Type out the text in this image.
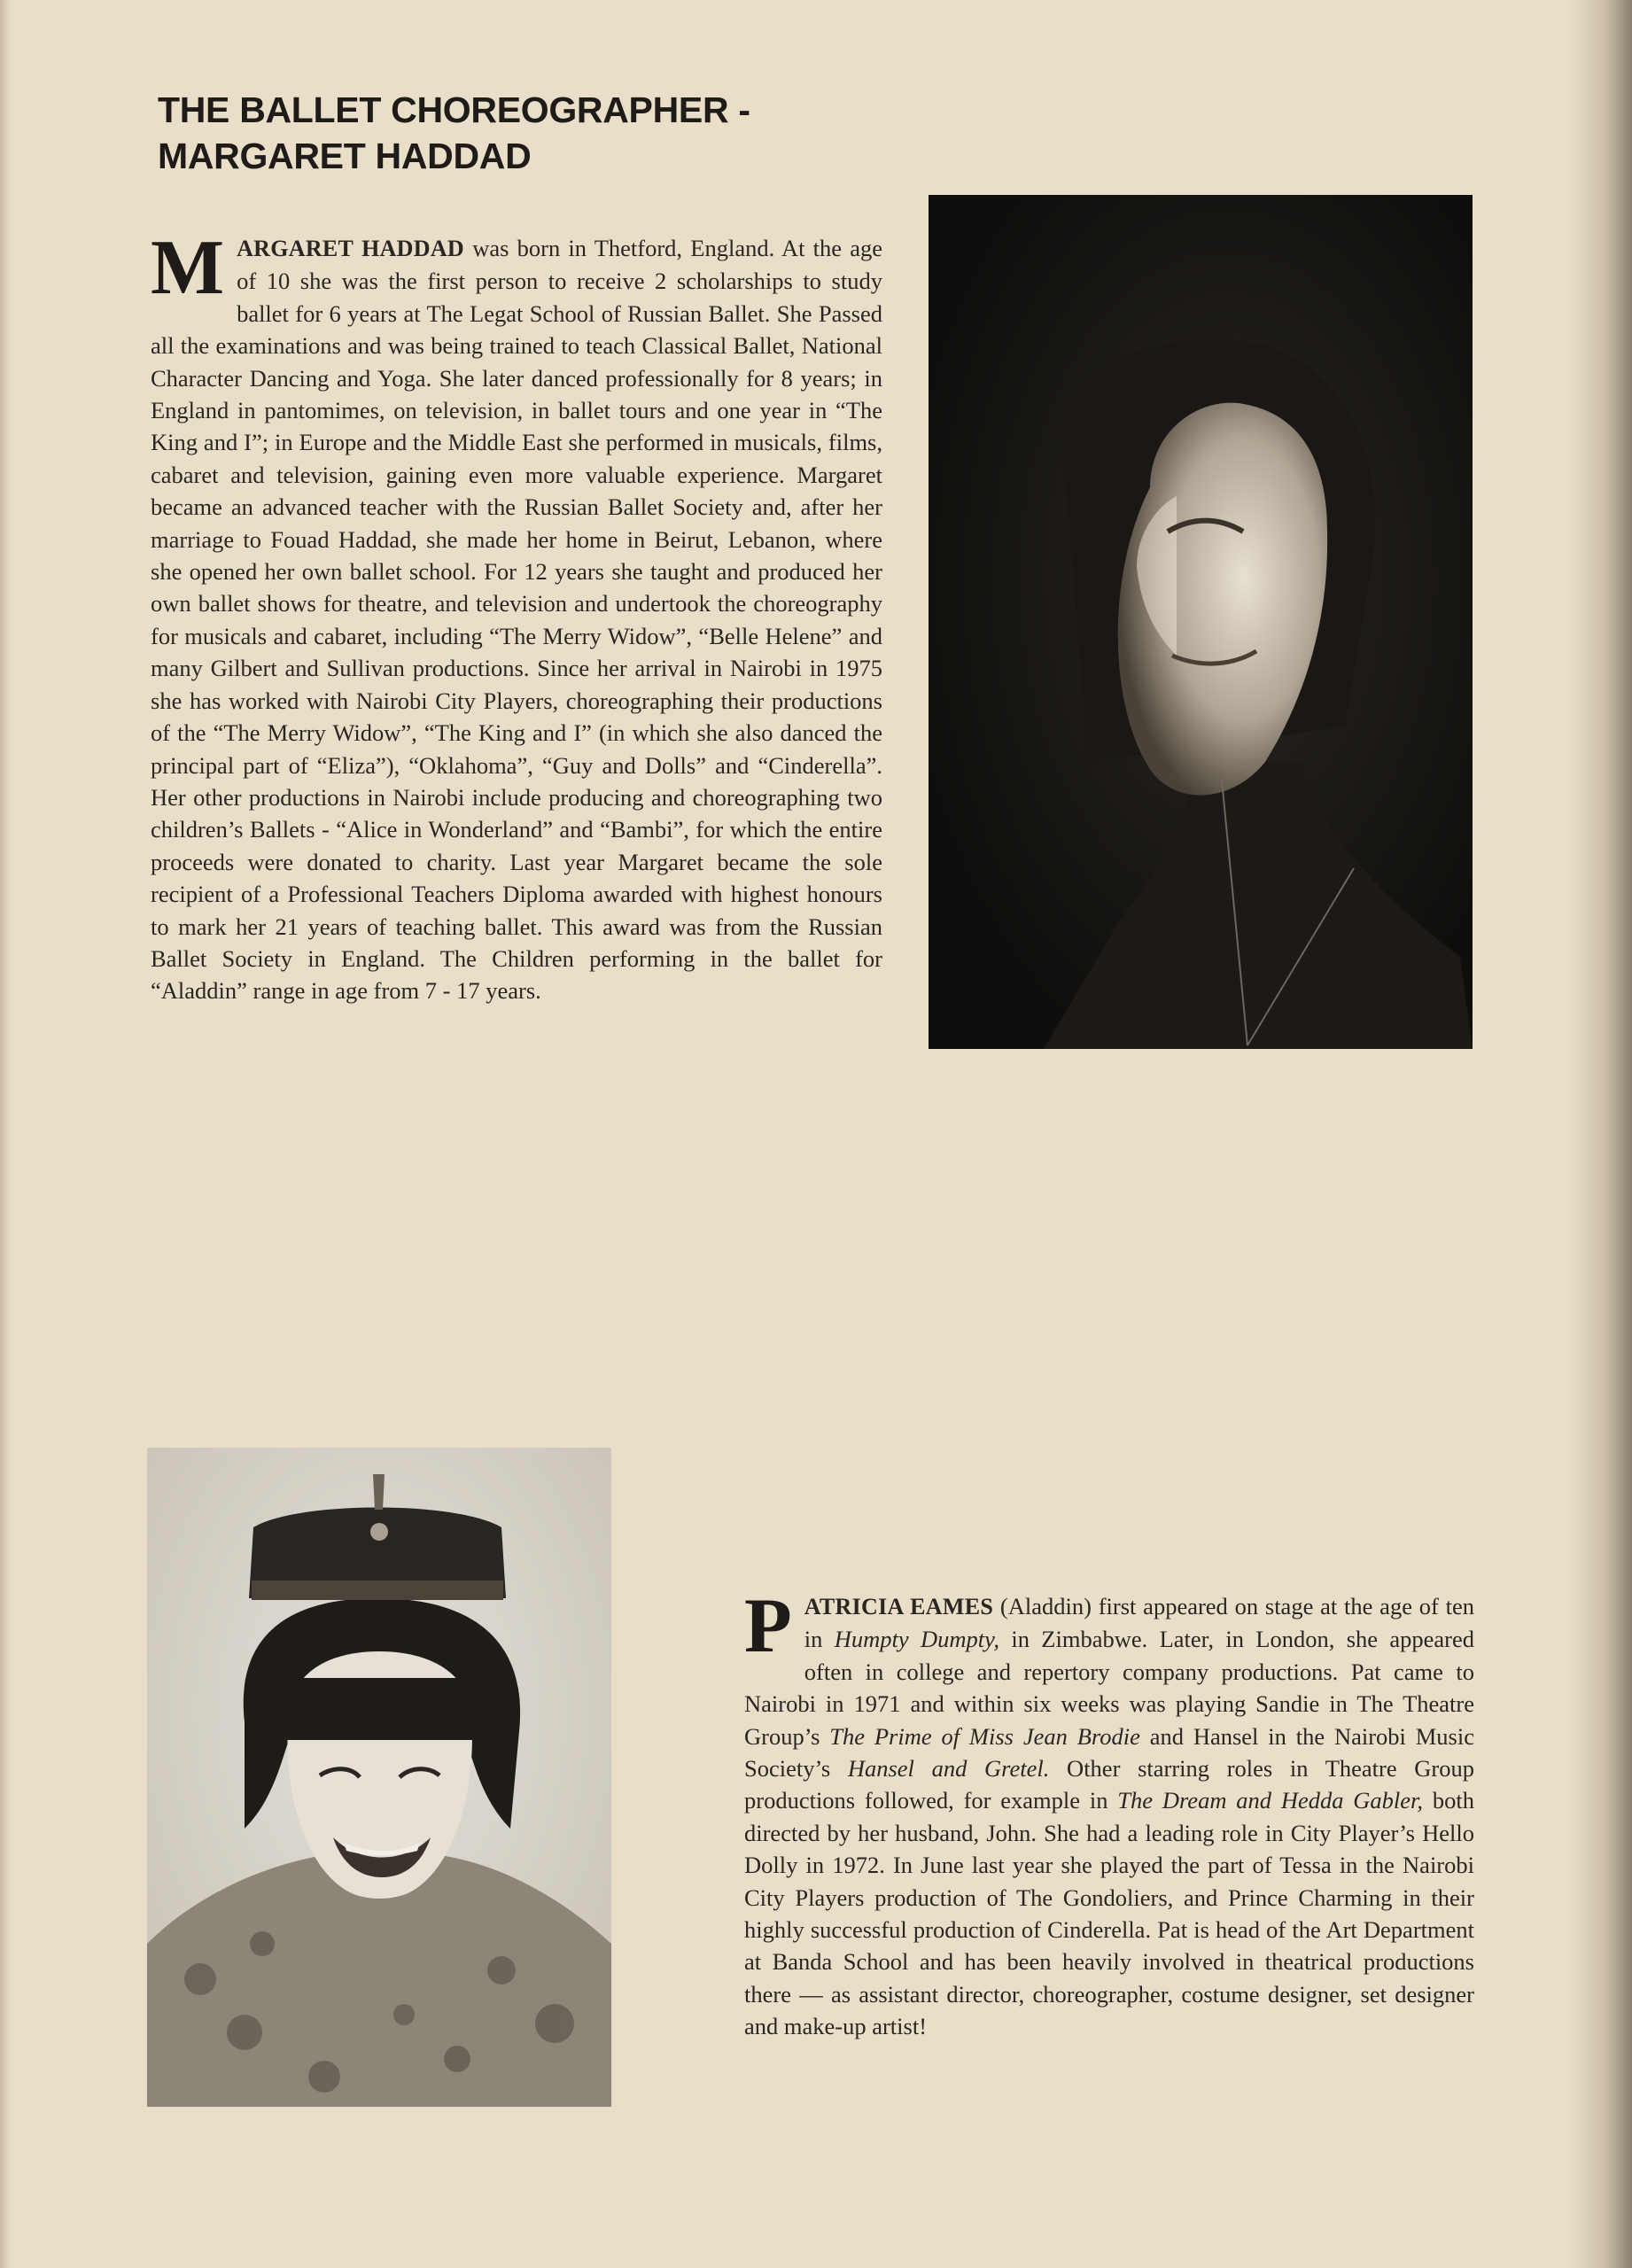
THE BALLET CHOREOGRAPHER -
MARGARET HADDAD

MARGARET HADDAD was born in Thetford, England. At the age of 10 she was the first person to receive 2 scholarships to study ballet for 6 years at The Legat School of Russian Ballet. She Passed all the examinations and was being trained to teach Classical Ballet, National Character Dancing and Yoga. She later danced professionally for 8 years; in England in pantomimes, on television, in ballet tours and one year in “The King and I”; in Europe and the Middle East she performed in musicals, films, cabaret and television, gaining even more valuable experience. Margaret became an advanced teacher with the Russian Ballet Society and, after her marriage to Fouad Haddad, she made her home in Beirut, Lebanon, where she opened her own ballet school. For 12 years she taught and produced her own ballet shows for theatre, and television and undertook the choreography for musicals and cabaret, including “The Merry Widow”, “Belle Helene” and many Gilbert and Sullivan productions. Since her arrival in Nairobi in 1975 she has worked with Nairobi City Players, choreographing their productions of the “The Merry Widow”, “The King and I” (in which she also danced the principal part of “Eliza”), “Oklahoma”, “Guy and Dolls” and “Cinderella”. Her other productions in Nairobi include producing and choreographing two children’s Ballets - “Alice in Wonderland” and “Bambi”, for which the entire proceeds were donated to charity. Last year Margaret became the sole recipient of a Professional Teachers Diploma awarded with highest honours to mark her 21 years of teaching ballet. This award was from the Russian Ballet Society in England. The Children performing in the ballet for “Aladdin” range in age from 7 - 17 years.

PATRICIA EAMES (Aladdin) first appeared on stage at the age of ten in Humpty Dumpty, in Zimbabwe. Later, in London, she appeared often in college and repertory company productions. Pat came to Nairobi in 1971 and within six weeks was playing Sandie in The Theatre Group’s The Prime of Miss Jean Brodie and Hansel in the Nairobi Music Society’s Hansel and Gretel. Other starring roles in Theatre Group productions followed, for example in The Dream and Hedda Gabler, both directed by her husband, John. She had a leading role in City Player’s Hello Dolly in 1972. In June last year she played the part of Tessa in the Nairobi City Players production of The Gondoliers, and Prince Charming in their highly successful production of Cinderella. Pat is head of the Art Department at Banda School and has been heavily involved in theatrical productions there — as assistant director, choreographer, costume designer, set designer and make-up artist!
